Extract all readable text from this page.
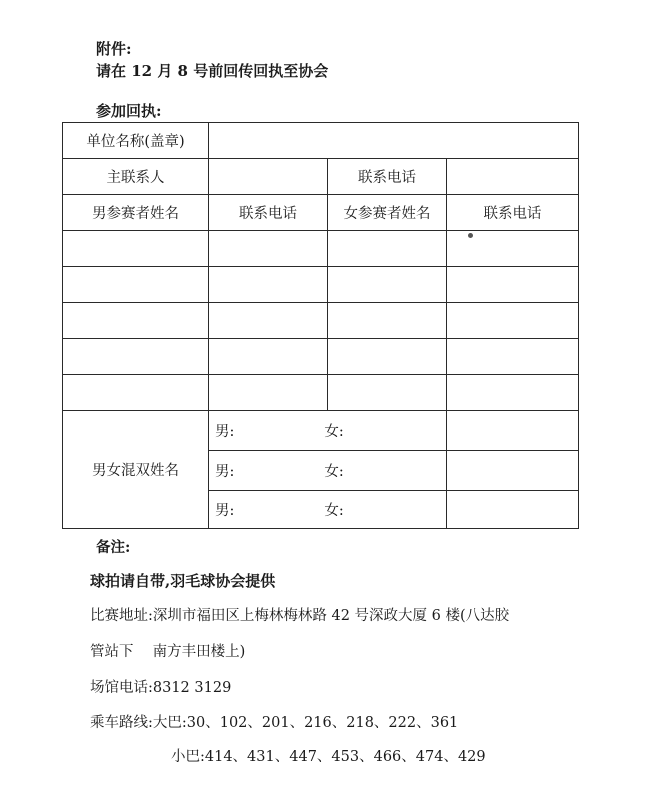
附件:
请在 12 月 8 号前回传回执至协会
参加回执:
单位名称(盖章)			
主联系人		联系电话	
男参赛者姓名	联系电话	女参赛者姓名	联系电话

男女混双姓名	男: 女:		
	男: 女:		
	男: 女:		
备注:
球拍请自带,羽毛球协会提供
比赛地址:深圳市福田区上梅林梅林路 42 号深政大厦 6 楼(八达胶
管站下　 南方丰田楼上)
场馆电话:8312 3129
乘车路线:大巴:30、102、201、216、218、222、361
小巴:414、431、447、453、466、474、429
